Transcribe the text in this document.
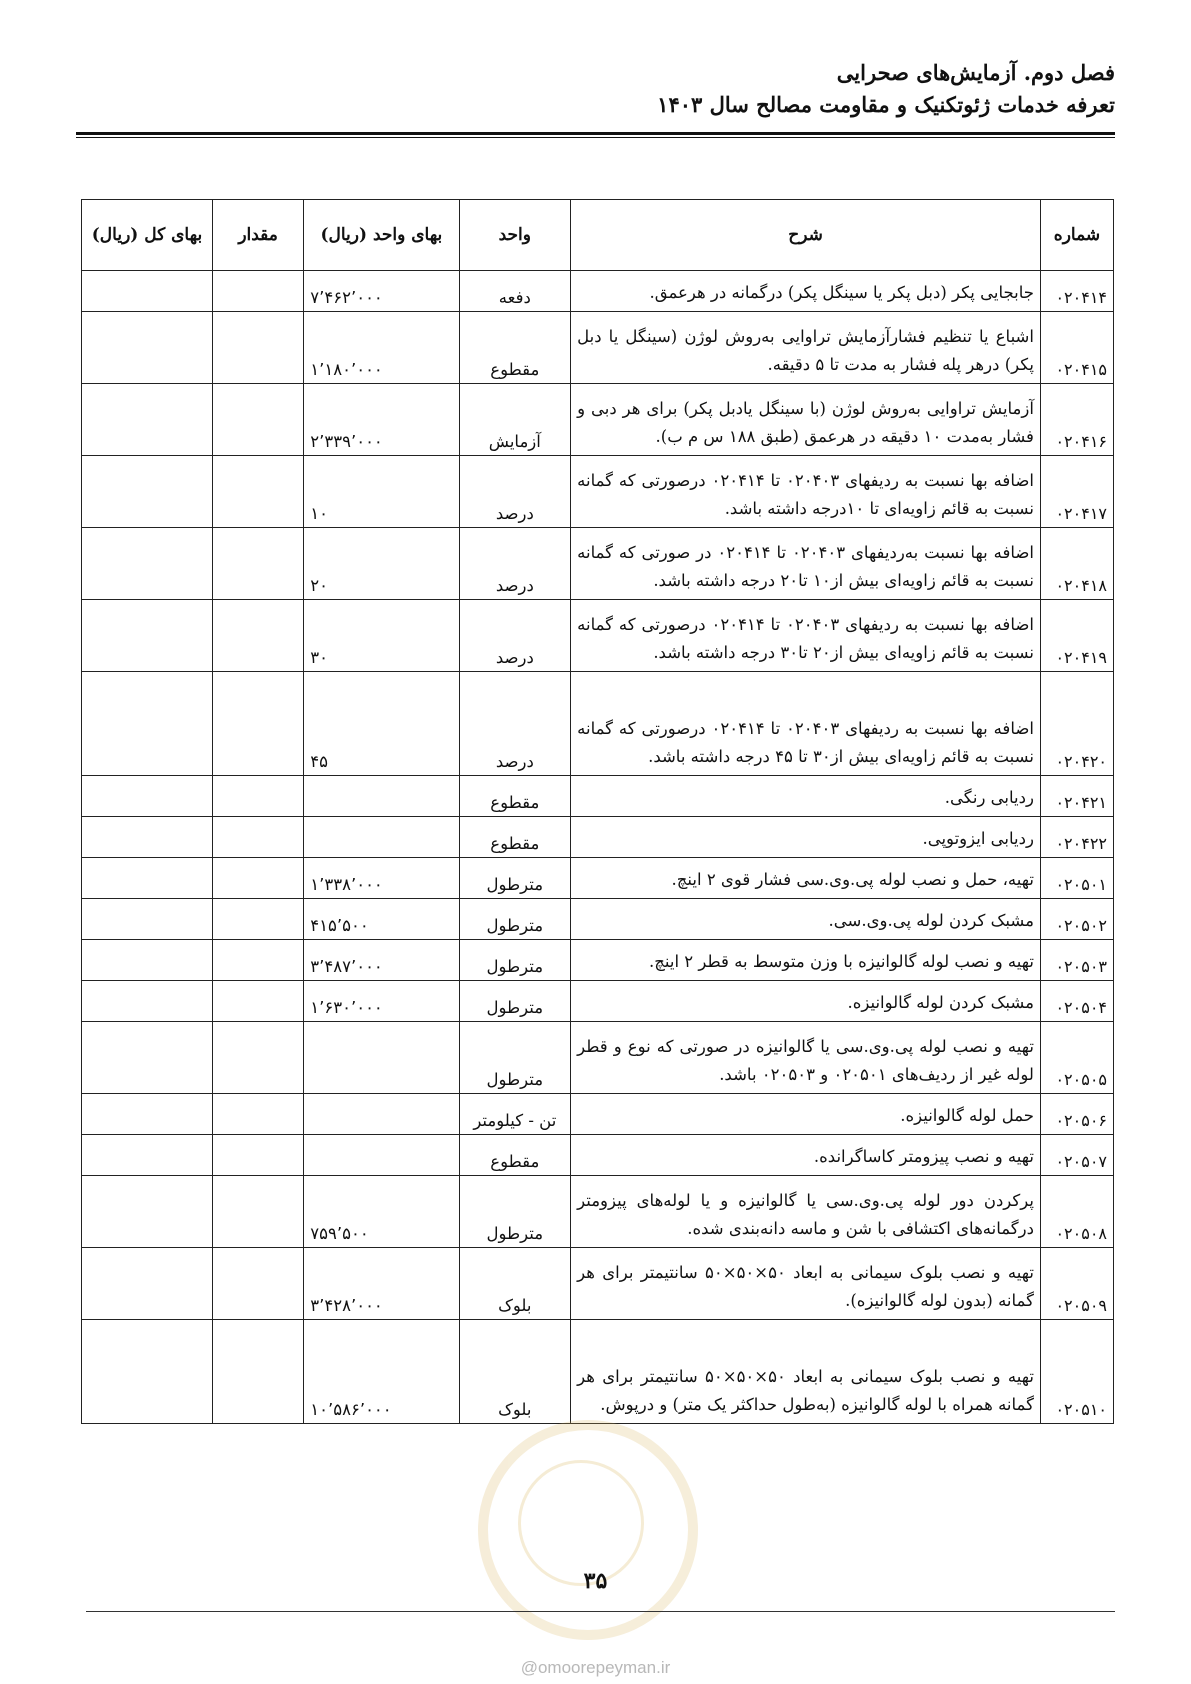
فصل دوم. آزمایش‌های صحرایی
تعرفه خدمات ژئوتکنیک و مقاومت مصالح سال ۱۴۰۳
شماره	شرح	واحد	بهای واحد (ریال)	مقدار	بهای کل (ریال)
۰۲۰۴۱۴	جابجایی پکر (دبل پکر یا سینگل پکر) درگمانه در هرعمق.	دفعه	۷٬۴۶۲٬۰۰۰		
۰۲۰۴۱۵	اشباع یا تنظیم فشارآزمایش تراوایی به‌روش لوژن (سینگل یا دبل پکر) درهر پله فشار به مدت تا ۵ دقیقه.	مقطوع	۱٬۱۸۰٬۰۰۰		
۰۲۰۴۱۶	آزمایش تراوایی به‌روش لوژن (با سینگل یادبل پکر) برای هر دبی و فشار به‌مدت ۱۰ دقیقه در هرعمق (طبق ۱۸۸ س م ب).	آزمایش	۲٬۳۳۹٬۰۰۰		
۰۲۰۴۱۷	اضافه بها نسبت به ردیفهای ۰۲۰۴۰۳ تا ۰۲۰۴۱۴ درصورتی که گمانه نسبت به قائم زاویه‌ای تا ۱۰درجه داشته باشد.	درصد	۱۰		
۰۲۰۴۱۸	اضافه بها نسبت به‌ردیفهای ۰۲۰۴۰۳ تا ۰۲۰۴۱۴ در صورتی که گمانه نسبت به قائم زاویه‌ای بیش از۱۰ تا۲۰ درجه داشته باشد.	درصد	۲۰		
۰۲۰۴۱۹	اضافه بها نسبت به ردیفهای ۰۲۰۴۰۳ تا ۰۲۰۴۱۴ درصورتی که گمانه نسبت به قائم زاویه‌ای بیش از۲۰ تا۳۰ درجه داشته باشد.	درصد	۳۰		
۰۲۰۴۲۰	اضافه بها نسبت به ردیفهای ۰۲۰۴۰۳ تا ۰۲۰۴۱۴ درصورتی که گمانه نسبت به قائم زاویه‌ای بیش از۳۰ تا ۴۵ درجه داشته باشد.	درصد	۴۵		
۰۲۰۴۲۱	ردیابی رنگی.	مقطوع			
۰۲۰۴۲۲	ردیابی ایزوتوپی.	مقطوع			
۰۲۰۵۰۱	تهیه، حمل و نصب لوله پی.وی.سی فشار قوی ۲ اینچ.	مترطول	۱٬۳۳۸٬۰۰۰		
۰۲۰۵۰۲	مشبک کردن لوله پی.وی.سی.	مترطول	۴۱۵٬۵۰۰		
۰۲۰۵۰۳	تهیه و نصب لوله گالوانیزه با وزن متوسط به قطر ۲ اینچ.	مترطول	۳٬۴۸۷٬۰۰۰		
۰۲۰۵۰۴	مشبک کردن لوله گالوانیزه.	مترطول	۱٬۶۳۰٬۰۰۰		
۰۲۰۵۰۵	تهیه و نصب لوله پی.وی.سی یا گالوانیزه در صورتی که نوع و قطر لوله غیر از ردیف‌های ۰۲۰۵۰۱ و ۰۲۰۵۰۳ باشد.	مترطول			
۰۲۰۵۰۶	حمل لوله گالوانیزه.	تن - کیلومتر			
۰۲۰۵۰۷	تهیه و نصب پیزومتر کاساگرانده.	مقطوع			
۰۲۰۵۰۸	پرکردن دور لوله پی.وی.سی یا گالوانیزه و یا لوله‌های پیزومتر درگمانه‌های اکتشافی با شن و ماسه دانه‌بندی شده.	مترطول	۷۵۹٬۵۰۰		
۰۲۰۵۰۹	تهیه و نصب بلوک سیمانی به ابعاد ۵۰×۵۰×۵۰ سانتیمتر برای هر گمانه (بدون لوله گالوانیزه).	بلوک	۳٬۴۲۸٬۰۰۰		
۰۲۰۵۱۰	تهیه و نصب بلوک سیمانی به ابعاد ۵۰×۵۰×۵۰ سانتیمتر برای هر گمانه همراه با لوله گالوانیزه (به‌طول حداکثر یک متر) و درپوش.	بلوک	۱۰٬۵۸۶٬۰۰۰		
۳۵
@omoorepeyman.ir
